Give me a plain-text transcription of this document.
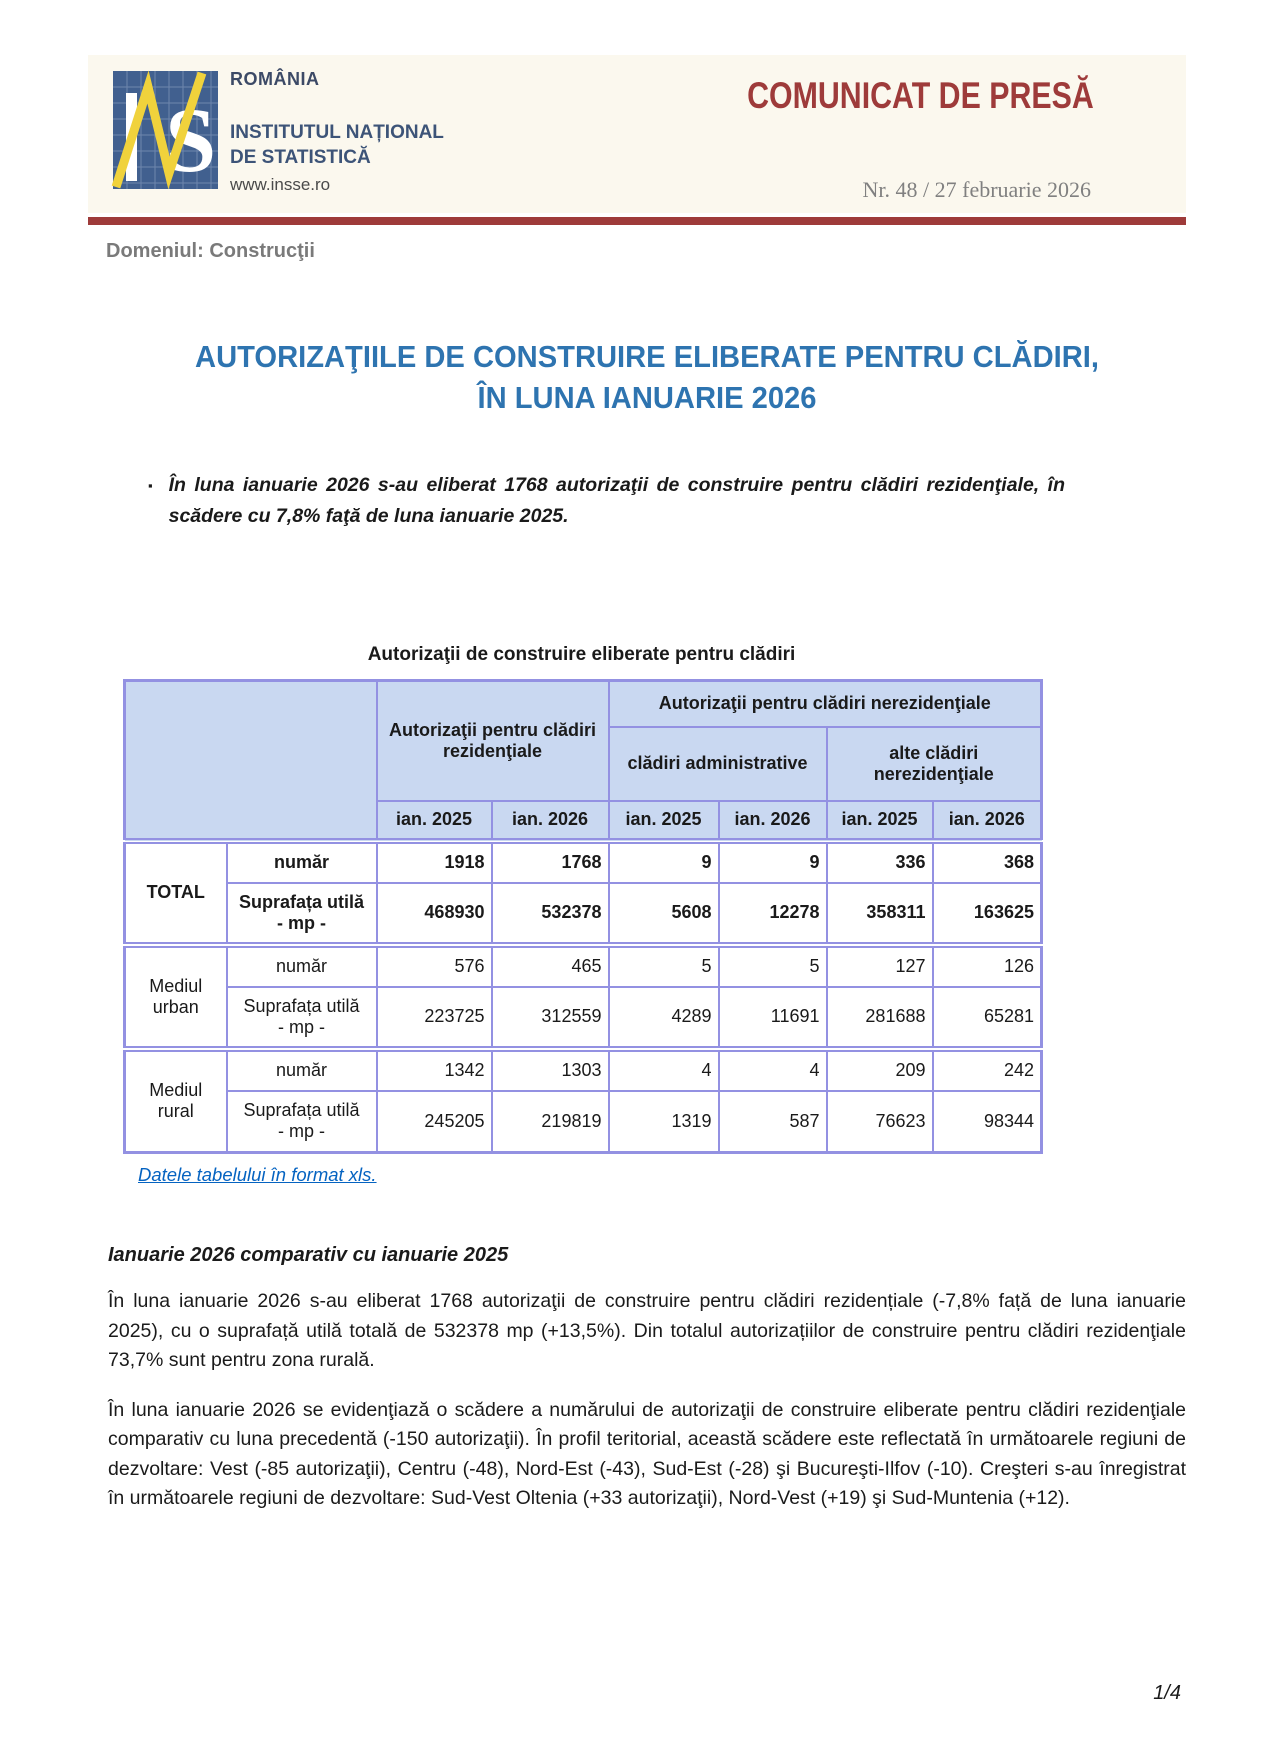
S
ROMÂNIA
INSTITUTUL NAȚIONAL
DE STATISTICĂ
www.insse.ro
COMUNICAT DE PRESĂ
Nr. 48 / 27 februarie 2026
Domeniul: Construcţii
AUTORIZAŢIILE DE CONSTRUIRE ELIBERATE PENTRU CLĂDIRI,
ÎN LUNA IANUARIE 2026
▪ În luna ianuarie 2026 s-au eliberat 1768 autorizaţii de construire pentru clădiri rezidenţiale, în scădere cu 7,8% faţă de luna ianuarie 2025.
Autorizaţii de construire eliberate pentru clădiri
		Autorizaţii pentru clădiri rezidenţiale		Autorizaţii pentru clădiri nerezidenţiale			
				clădiri administrative		alte clădiri nerezidenţiale	
		ian. 2025	ian. 2026	ian. 2025	ian. 2026	ian. 2025	ian. 2026
TOTAL	număr	1918	1768	9	9	336	368
	Suprafața utilă
- mp -	468930	532378	5608	12278	358311	163625
Mediul urban	număr	576	465	5	5	127	126
	Suprafața utilă
- mp -	223725	312559	4289	11691	281688	65281
Mediul rural	număr	1342	1303	4	4	209	242
	Suprafața utilă
- mp -	245205	219819	1319	587	76623	98344
Datele tabelului în format xls.
Ianuarie 2026 comparativ cu ianuarie 2025

În luna ianuarie 2026 s-au eliberat 1768 autorizaţii de construire pentru clădiri rezidențiale (-7,8% față de luna ianuarie 2025), cu o suprafață utilă totală de 532378 mp (+13,5%). Din totalul autorizațiilor de construire pentru clădiri rezidenţiale 73,7% sunt pentru zona rurală.

În luna ianuarie 2026 se evidenţiază o scădere a numărului de autorizaţii de construire eliberate pentru clădiri rezidenţiale comparativ cu luna precedentă (-150 autorizaţii). În profil teritorial, această scădere este reflectată în următoarele regiuni de dezvoltare: Vest (-85 autorizaţii), Centru (-48), Nord-Est (-43), Sud-Est (-28) şi Bucureşti-Ilfov (-10). Creşteri s-au înregistrat în următoarele regiuni de dezvoltare: Sud-Vest Oltenia (+33 autorizaţii), Nord-Vest (+19) şi Sud-Muntenia (+12).

1/4
